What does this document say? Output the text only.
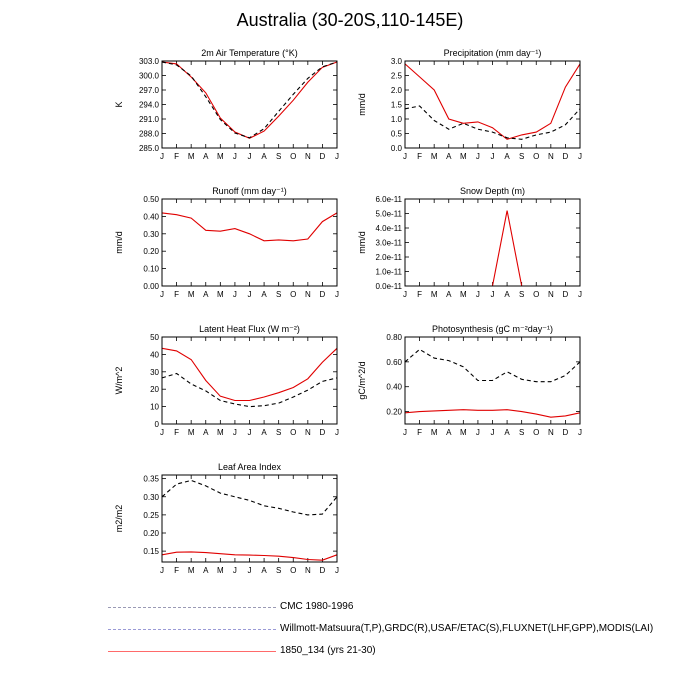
Australia (30-20S,110-145E)
2m Air Temperature (°K)
K
303.0
300.0
297.0
294.0
291.0
288.0
285.0
J F M A M J J A S O N D J
Precipitation (mm day⁻¹)
mm/d
3.0
2.5
2.0
1.5
1.0
0.5
0.0
J F M A M J J A S O N D J
Runoff (mm day⁻¹)
mm/d
0.50
0.40
0.30
0.20
0.10
0.00
J F M A M J J A S O N D J
Snow Depth (m)
mm/d
6.0e-11
5.0e-11
4.0e-11
3.0e-11
2.0e-11
1.0e-11
0.0e-11
J F M A M J J A S O N D J
Latent Heat Flux (W m⁻²)
W/m^2
50
40
30
20
10
0
J F M A M J J A S O N D J
Photosynthesis (gC m⁻²day⁻¹)
gC/m^2/d
0.80
0.60
0.40
0.20
J F M A M J J A S O N D J
Leaf Area Index
m2/m2
0.35
0.30
0.25
0.20
0.15
J F M A M J J A S O N D J
CMC 1980-1996
Willmott-Matsuura(T,P),GRDC(R),USAF/ETAC(S),FLUXNET(LHF,GPP),MODIS(LAI)
1850_134 (yrs 21-30)
